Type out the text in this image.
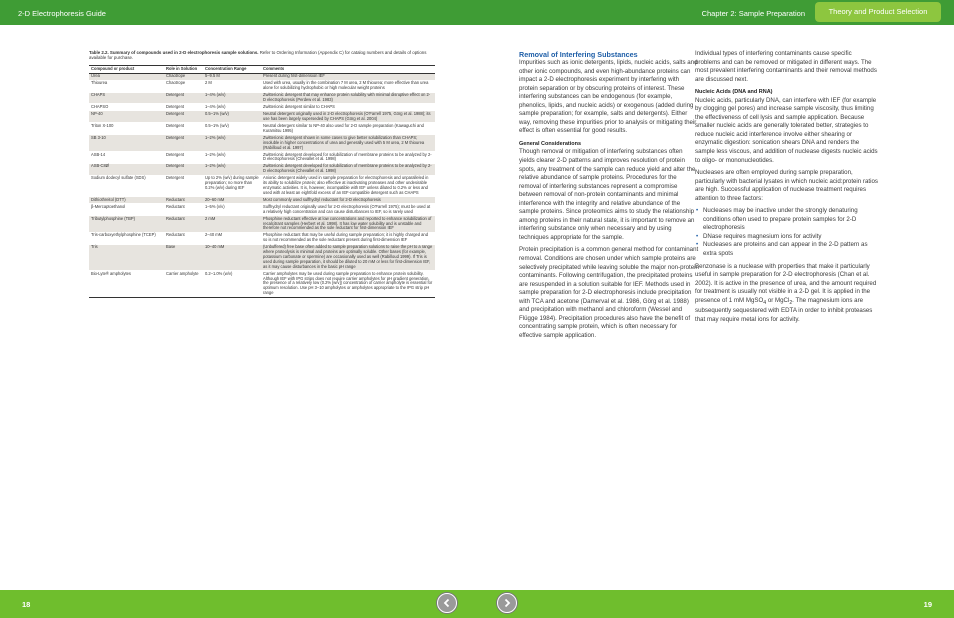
2-D Electrophoresis Guide	Chapter 2: Sample Preparation	Theory and Product Selection
Table 2.2. Summary of compounds used in 2-D electrophoresis sample solutions. Refer to Ordering Information (Appendix C) for catalog numbers and details of options available for purchase.
Compound or product	Role in Solution	Concentration Range	Comments
Urea	Chaotrope	5–9.5 M	Present during first-dimension IEF
Thiourea	Chaotrope	2 M	Used with urea, usually in the combination 7 M urea, 2 M thiourea; more effective than urea alone for solubilizing hydrophobic or high molecular weight proteins
CHAPS	Detergent	1–4% (w/v)	Zwitterionic detergent that may enhance protein solubility with minimal disruptive effect on 2-D electrophoresis (Perdew et al. 1983)
CHAPSO	Detergent	1–4% (w/v)	Zwitterionic detergent similar to CHAPS
NP-40	Detergent	0.5–1% (w/v)	Neutral detergent originally used in 2-D electrophoresis (O'Farrell 1975, Görg et al. 1988); its use has been largely superseded by CHAPS (Görg et al. 2004)
Triton X-100	Detergent	0.5–1% (w/v)	Neutral detergent similar to NP-40 also used for 2-D sample preparation (Kawaguchi and Kuramitsu 1995)
SB 3-10	Detergent	1–2% (w/v)	Zwitterionic detergent shown in some cases to give better solubilization than CHAPS; insoluble in higher concentrations of urea and generally used with 5 M urea, 2 M thiourea (Rabilloud et al. 1997)
ASB-14	Detergent	1–2% (w/v)	Zwitterionic detergent developed for solubilization of membrane proteins to be analyzed by 2-D electrophoresis (Chevallet et al. 1998)
ASB-C8Ø	Detergent	1–2% (w/v)	Zwitterionic detergent developed for solubilization of membrane proteins to be analyzed by 2-D electrophoresis (Chevallet et al. 1998)
Sodium dodecyl sulfate (SDS)	Detergent	Up to 2% (w/v) during sample preparation; no more than 0.2% (w/v) during IEF	Anionic detergent widely used in sample preparation for electrophoresis and unparalleled in its ability to solubilize protein; also effective at inactivating proteases and other undesirable enzymatic activities. It is, however, incompatible with IEF unless diluted to 0.2% or less and used with at least an eightfold excess of an IEF-compatible detergent such as CHAPS
Dithiothreitol (DTT)	Reductant	20–60 mM	Most commonly used sulfhydryl reductant for 2-D electrophoresis
β-Mercaptoethanol	Reductant	1–5% (v/v)	Sulfhydryl reductant originally used for 2-D electrophoresis (O'Farrell 1975); must be used at a relatively high concentration and can cause disturbances to IEF, so is rarely used
Tributylphosphine (TBP)	Reductant	2 mM	Phosphine reductant effective at low concentrations and reported to enhance solubilization of recalcitrant samples (Herbert et al. 1998). It has low water solubility and is unstable and therefore not recommended as the sole reductant for first-dimension IEF
Tris-carboxyethylphosphine (TCEP)	Reductant	2–40 mM	Phosphine reductant that may be useful during sample preparation; it is highly charged and so is not recommended as the sole reductant present during first-dimension IEF
Tris	Base	10–40 mM	(Unbuffered) free base often added to sample preparation solutions to raise the pH to a range where proteolysis is minimal and proteins are optimally soluble. Other bases (for example, potassium carbonate or spermine) are occasionally used as well (Rabilloud 1999). If Tris is used during sample preparation, it should be diluted to 20 mM or less for first-dimension IEF, as it may cause disturbances in the basic pH range
Bio-Lyte® ampholytes	Carrier ampholyte	0.2–1.0% (w/v)	Carrier ampholytes may be used during sample preparation to enhance protein solubility. Although IEF with IPG strips does not require carrier ampholytes for pH gradient generation, the presence of a relatively low (0.2% [w/v]) concentration of carrier ampholyte is essential for optimum resolution. Use pH 3–10 ampholytes or ampholytes appropriate to the IPG strip pH range
Removal of Interfering Substances
Impurities such as ionic detergents, lipids, nucleic acids, salts and other ionic compounds, and even high-abundance proteins can impact a 2-D electrophoresis experiment by interfering with protein separation or by obscuring proteins of interest. These interfering substances can be endogenous (for example, phenolics, lipids, and nucleic acids) or exogenous (added during sample preparation; for example, salts and detergents). Either way, removing these impurities prior to analysis or mitigating their effect is often essential for good results.
General Considerations
Though removal or mitigation of interfering substances often yields clearer 2-D patterns and improves resolution of protein spots, any treatment of the sample can reduce yield and alter the relative abundance of sample proteins. Procedures for the removal of interfering substances represent a compromise between removal of non-protein contaminants and minimal interference with the integrity and relative abundance of the sample proteins. Since proteomics aims to study the relationship among proteins in their natural state, it is important to remove an interfering substance only when necessary and by using techniques appropriate for the sample.
Protein precipitation is a common general method for contaminant removal. Conditions are chosen under which sample proteins are selectively precipitated while leaving soluble the major non-protein contaminants. Following centrifugation, the precipitated proteins are resuspended in a solution suitable for IEF. Methods used in sample preparation for 2-D electrophoresis include precipitation with TCA and acetone (Damerval et al. 1986, Görg et al. 1988) and precipitation with methanol and chloroform (Wessel and Flügge 1984). Precipitation procedures also have the benefit of concentrating sample protein, which is often necessary for effective sample application.
Individual types of interfering contaminants cause specific problems and can be removed or mitigated in different ways. The most prevalent interfering contaminants and their removal methods are discussed next.
Nucleic Acids (DNA and RNA)
Nucleic acids, particularly DNA, can interfere with IEF (for example by clogging gel pores) and increase sample viscosity, thus limiting the effectiveness of cell lysis and sample application. Because smaller nucleic acids are generally tolerated better, strategies to reduce nucleic acid interference involve either shearing or enzymatic digestion: sonication shears DNA and renders the sample less viscous, and addition of nuclease digests nucleic acids to oligo- or mononucleotides.
Nucleases are often employed during sample preparation, particularly with bacterial lysates in which nucleic acid:protein ratios are high. Successful application of nuclease treatment requires attention to three factors:
• Nucleases may be inactive under the strongly denaturing conditions often used to prepare protein samples for 2-D electrophoresis
• DNase requires magnesium ions for activity
• Nucleases are proteins and can appear in the 2-D pattern as extra spots
Benzonase is a nuclease with properties that make it particularly useful in sample preparation for 2-D electrophoresis (Chan et al. 2002). It is active in the presence of urea, and the amount required for treatment is usually not visible in a 2-D gel. It is applied in the presence of 1 mM MgSO$_4$ or MgCl$_2$. The magnesium ions are subsequently sequestered with EDTA in order to inhibit proteases that may require metal ions for activity.
18	19
